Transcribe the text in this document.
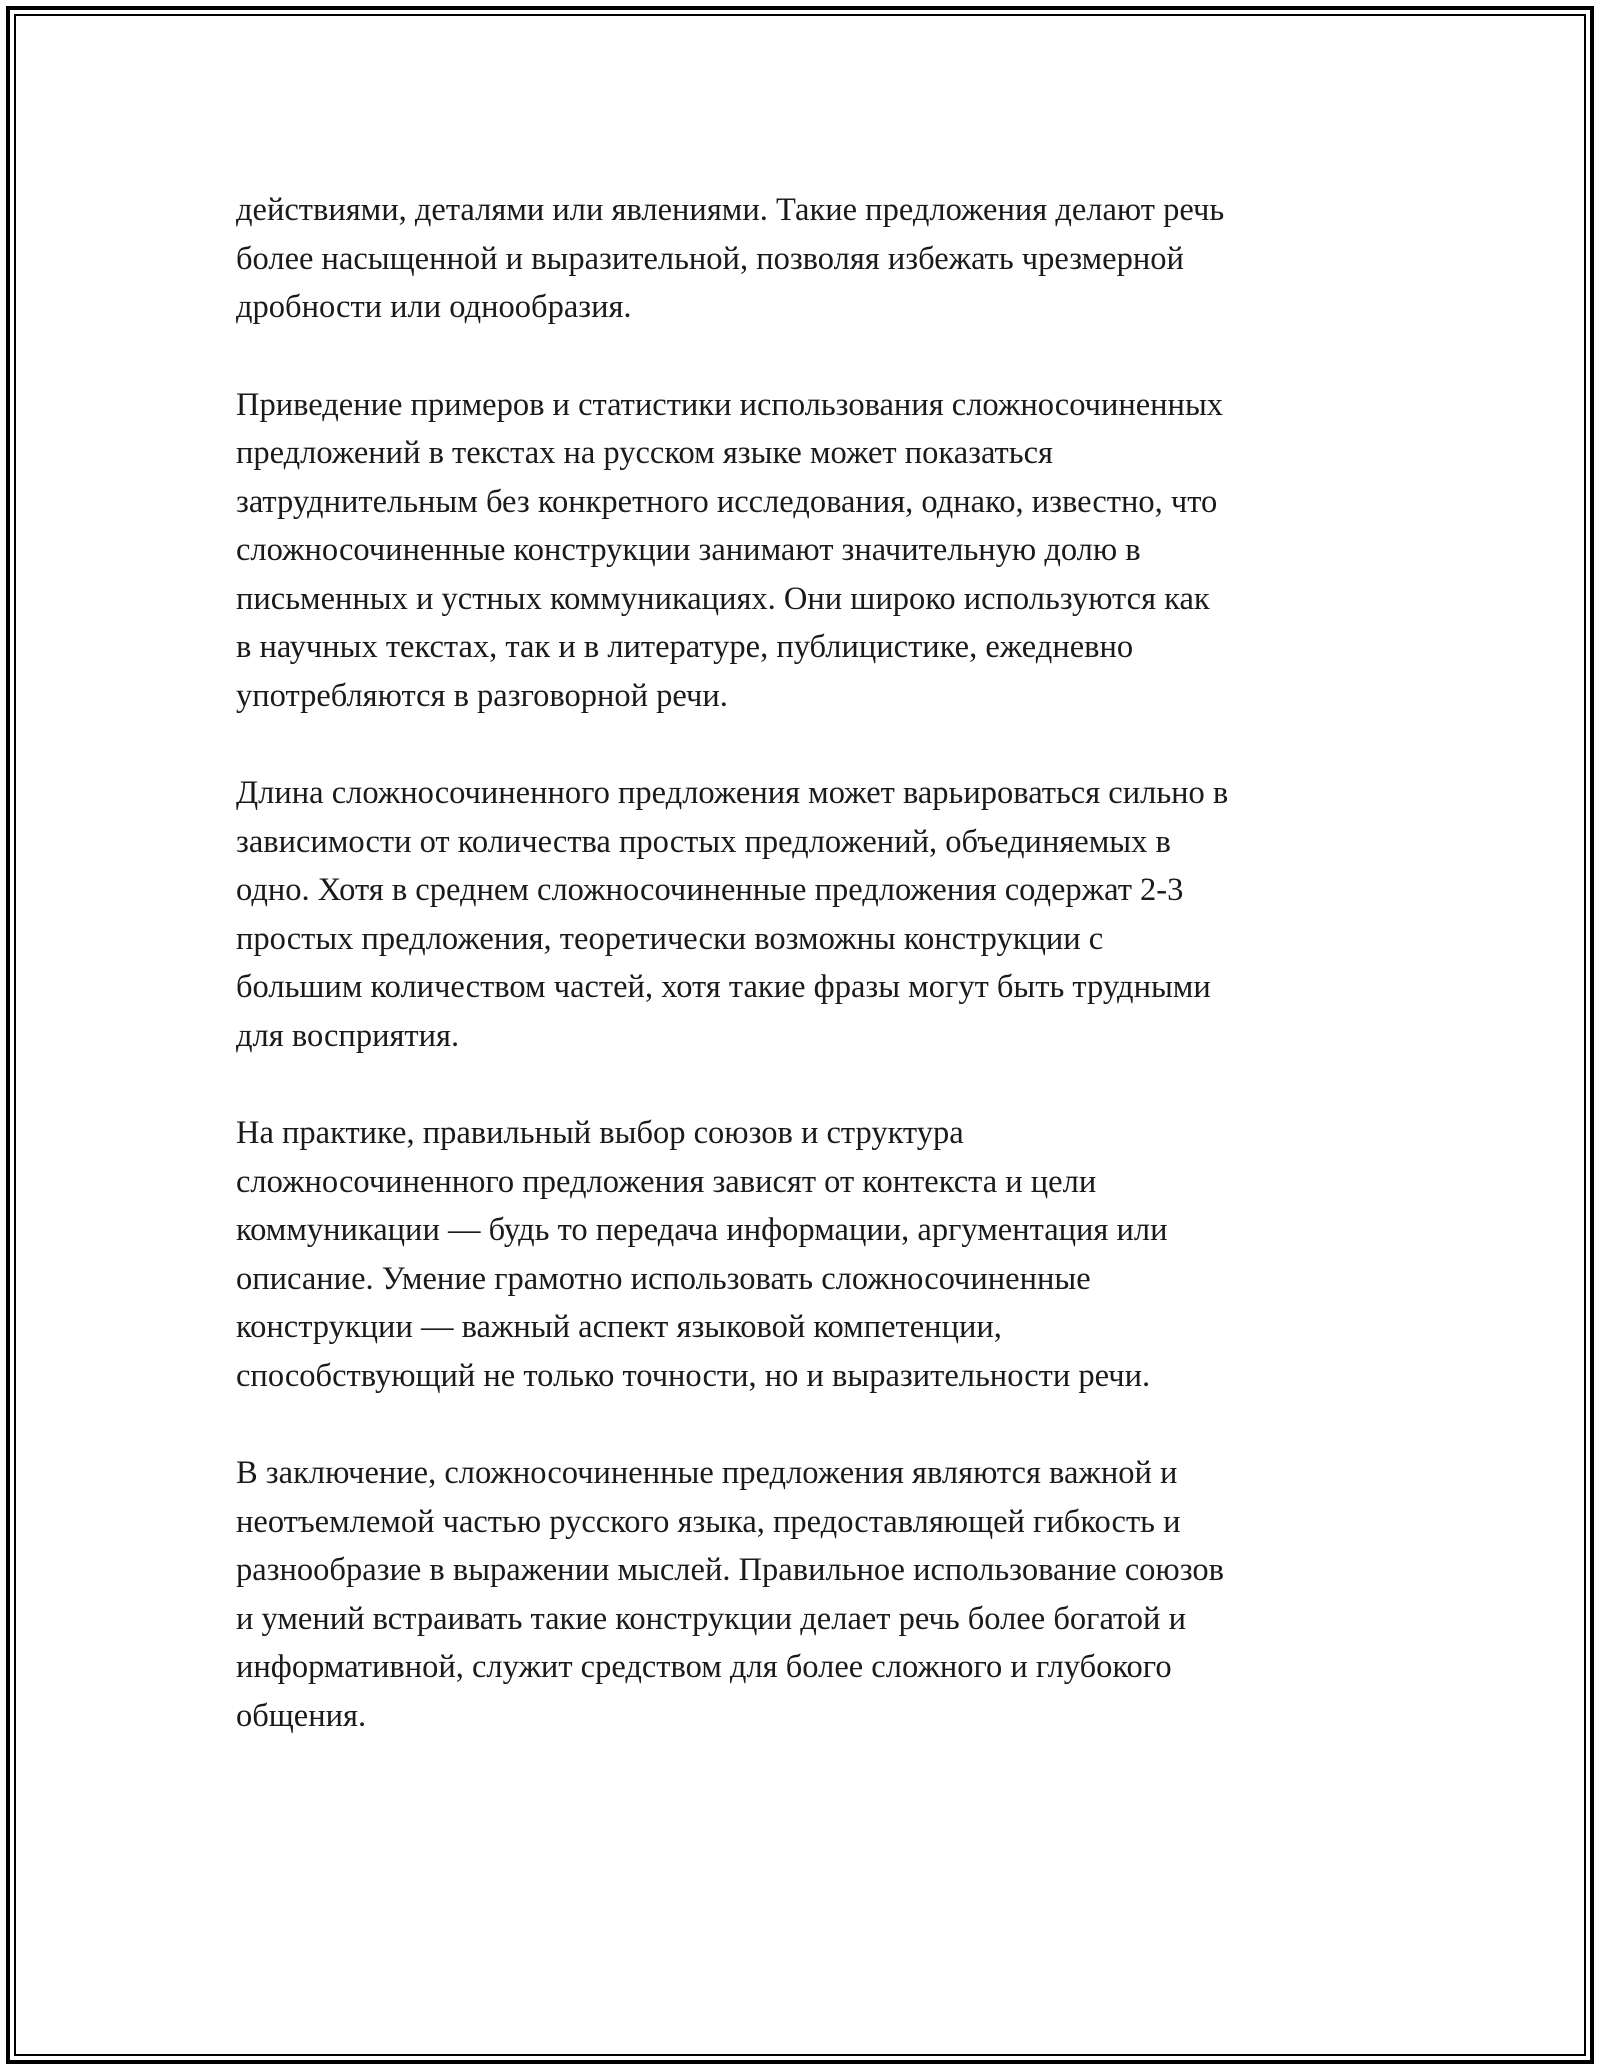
действиями, деталями или явлениями. Такие предложения делают речь
более насыщенной и выразительной, позволяя избежать чрезмерной
дробности или однообразия.

Приведение примеров и статистики использования сложносочиненных
предложений в текстах на русском языке может показаться
затруднительным без конкретного исследования, однако, известно, что
сложносочиненные конструкции занимают значительную долю в
письменных и устных коммуникациях. Они широко используются как
в научных текстах, так и в литературе, публицистике, ежедневно
употребляются в разговорной речи.

Длина сложносочиненного предложения может варьироваться сильно в
зависимости от количества простых предложений, объединяемых в
одно. Хотя в среднем сложносочиненные предложения содержат 2-3
простых предложения, теоретически возможны конструкции с
большим количеством частей, хотя такие фразы могут быть трудными
для восприятия.

На практике, правильный выбор союзов и структура
сложносочиненного предложения зависят от контекста и цели
коммуникации — будь то передача информации, аргументация или
описание. Умение грамотно использовать сложносочиненные
конструкции — важный аспект языковой компетенции,
способствующий не только точности, но и выразительности речи.

В заключение, сложносочиненные предложения являются важной и
неотъемлемой частью русского языка, предоставляющей гибкость и
разнообразие в выражении мыслей. Правильное использование союзов
и умений встраивать такие конструкции делает речь более богатой и
информативной, служит средством для более сложного и глубокого
общения.
